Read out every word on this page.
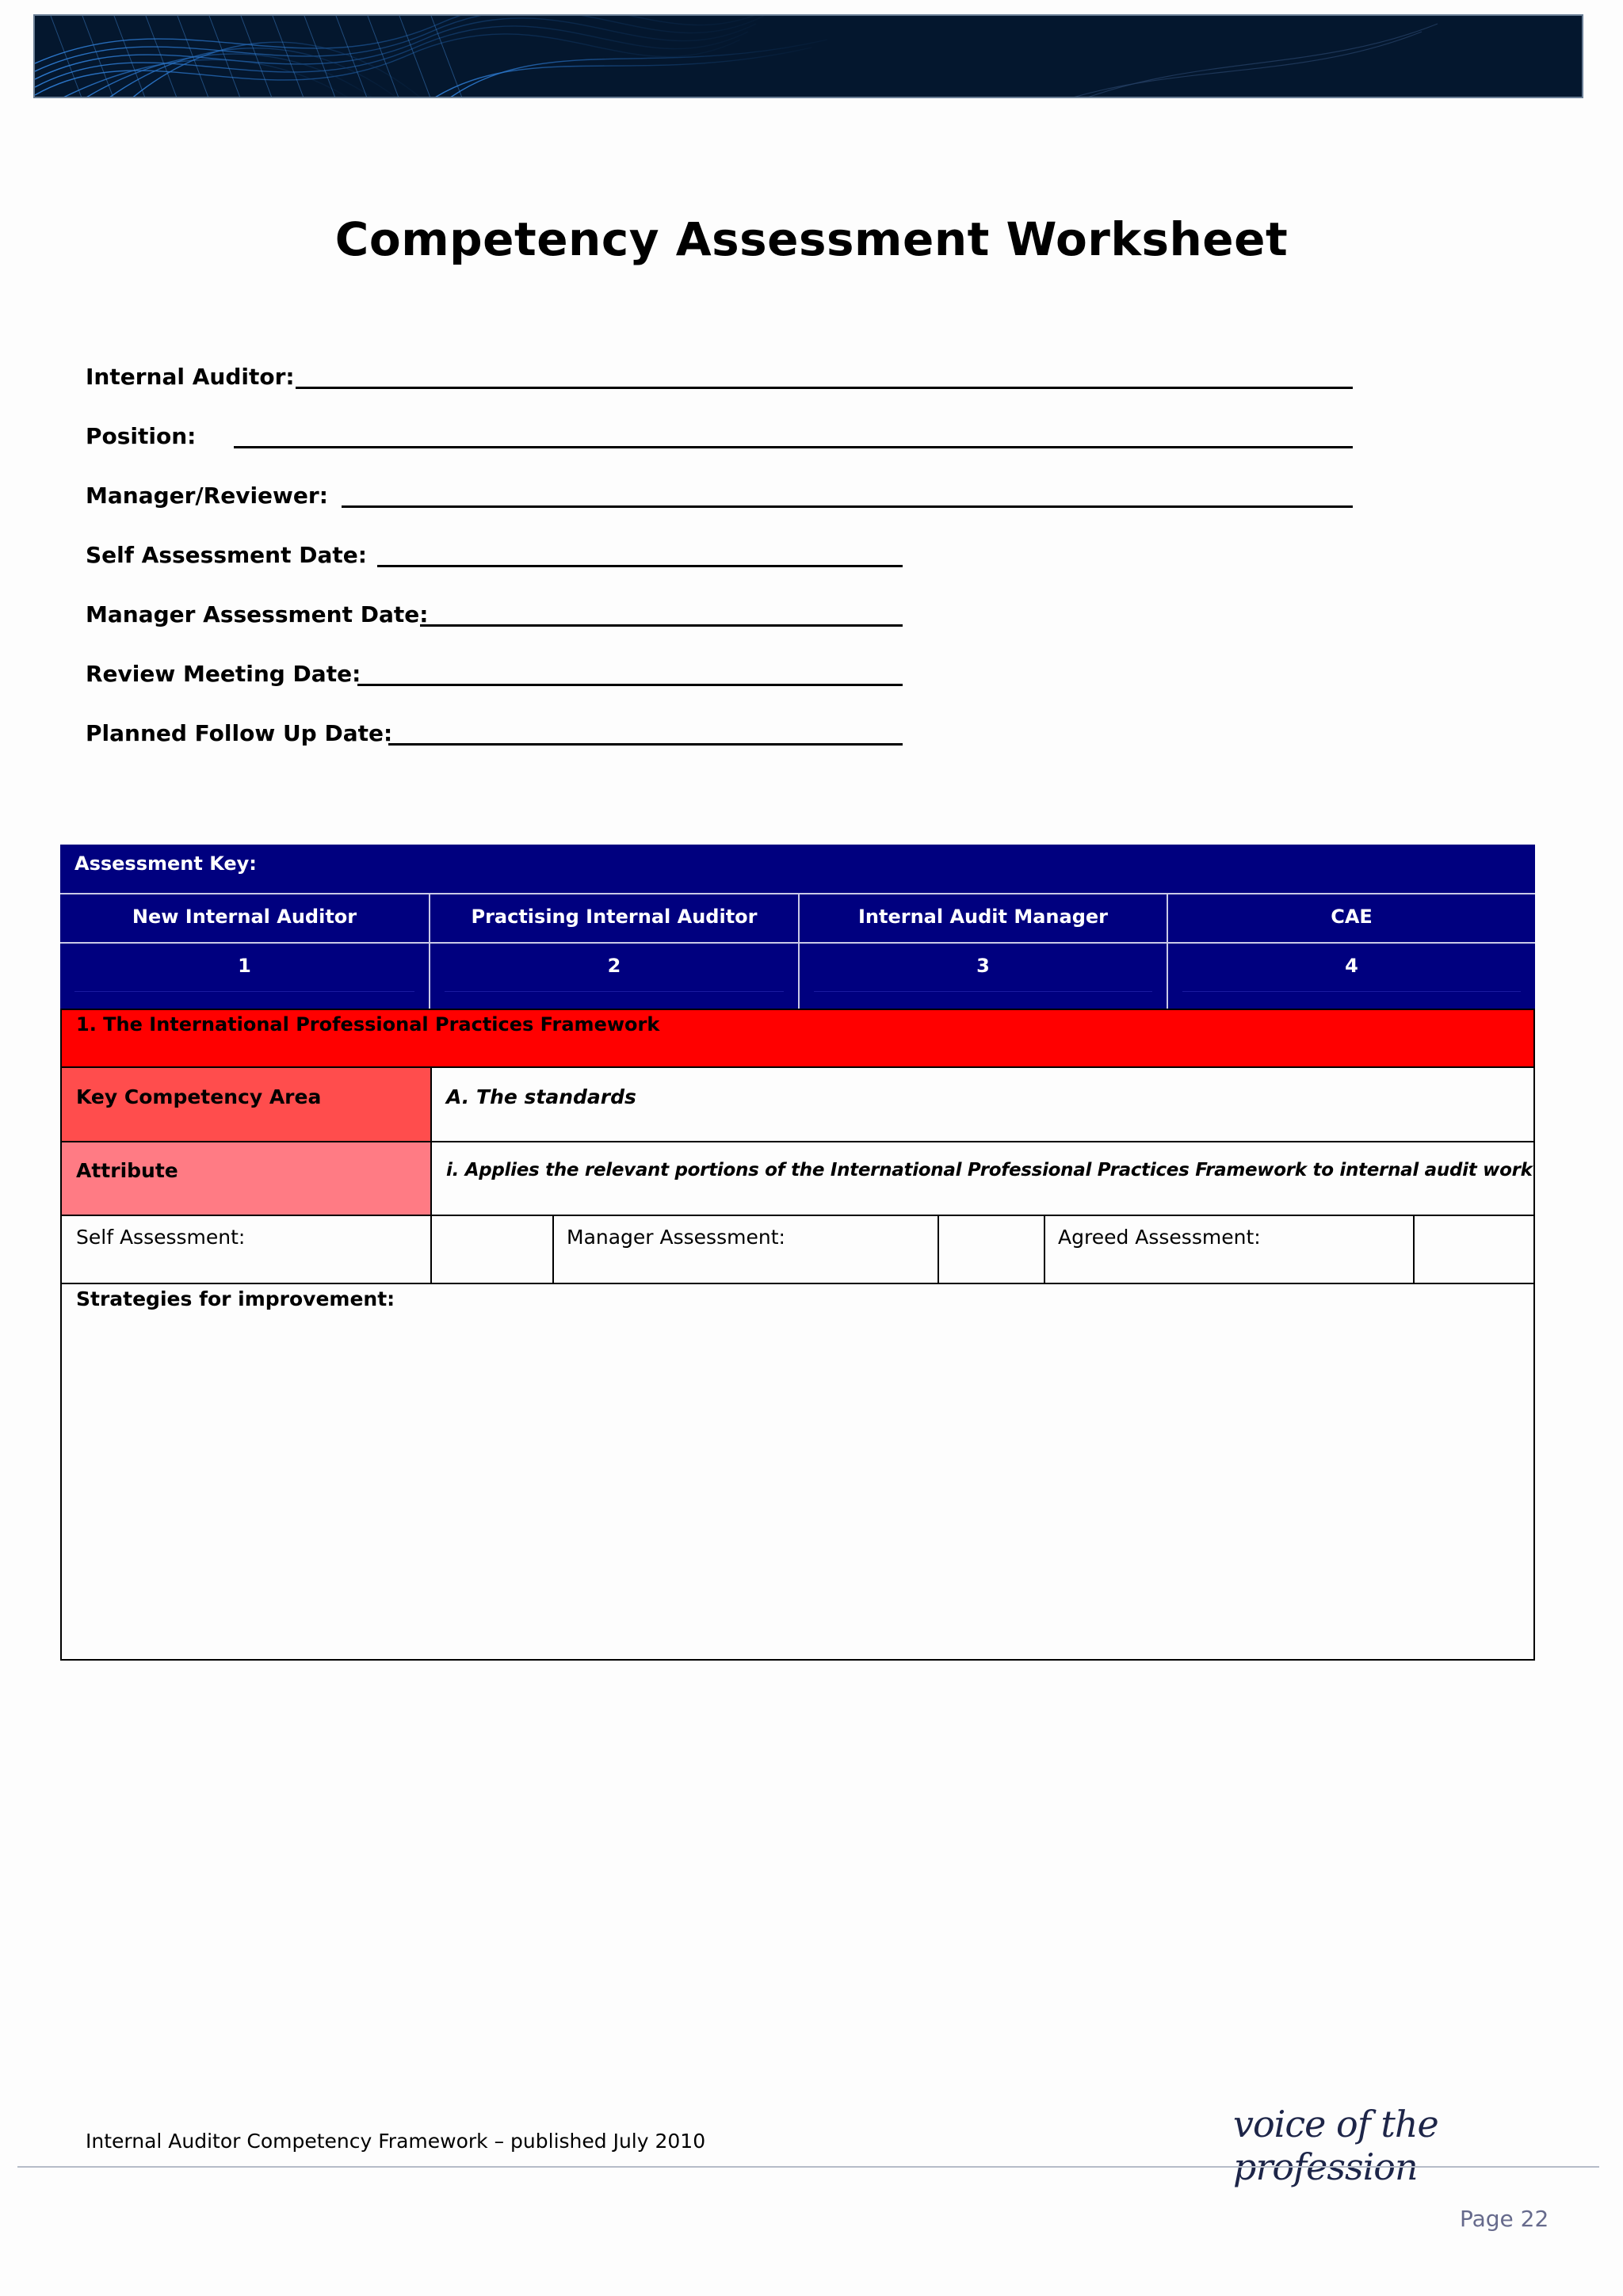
Competency Assessment Worksheet
Internal Auditor:
Position:
Manager/Reviewer:
Self Assessment Date:
Manager Assessment Date:
Review Meeting Date:
Planned Follow Up Date:
Assessment Key:
New Internal Auditor	Practising Internal Auditor	Internal Audit Manager	CAE
1	2	3	4
1. The International Professional Practices Framework
Key Competency Area	A. The standards
Attribute	i. Applies the relevant portions of the International Professional Practices Framework to internal audit work
Self Assessment:	Manager Assessment:	Agreed Assessment:
Strategies for improvement:
Internal Auditor Competency Framework – published July 2010	voice of the profession
Page 22
